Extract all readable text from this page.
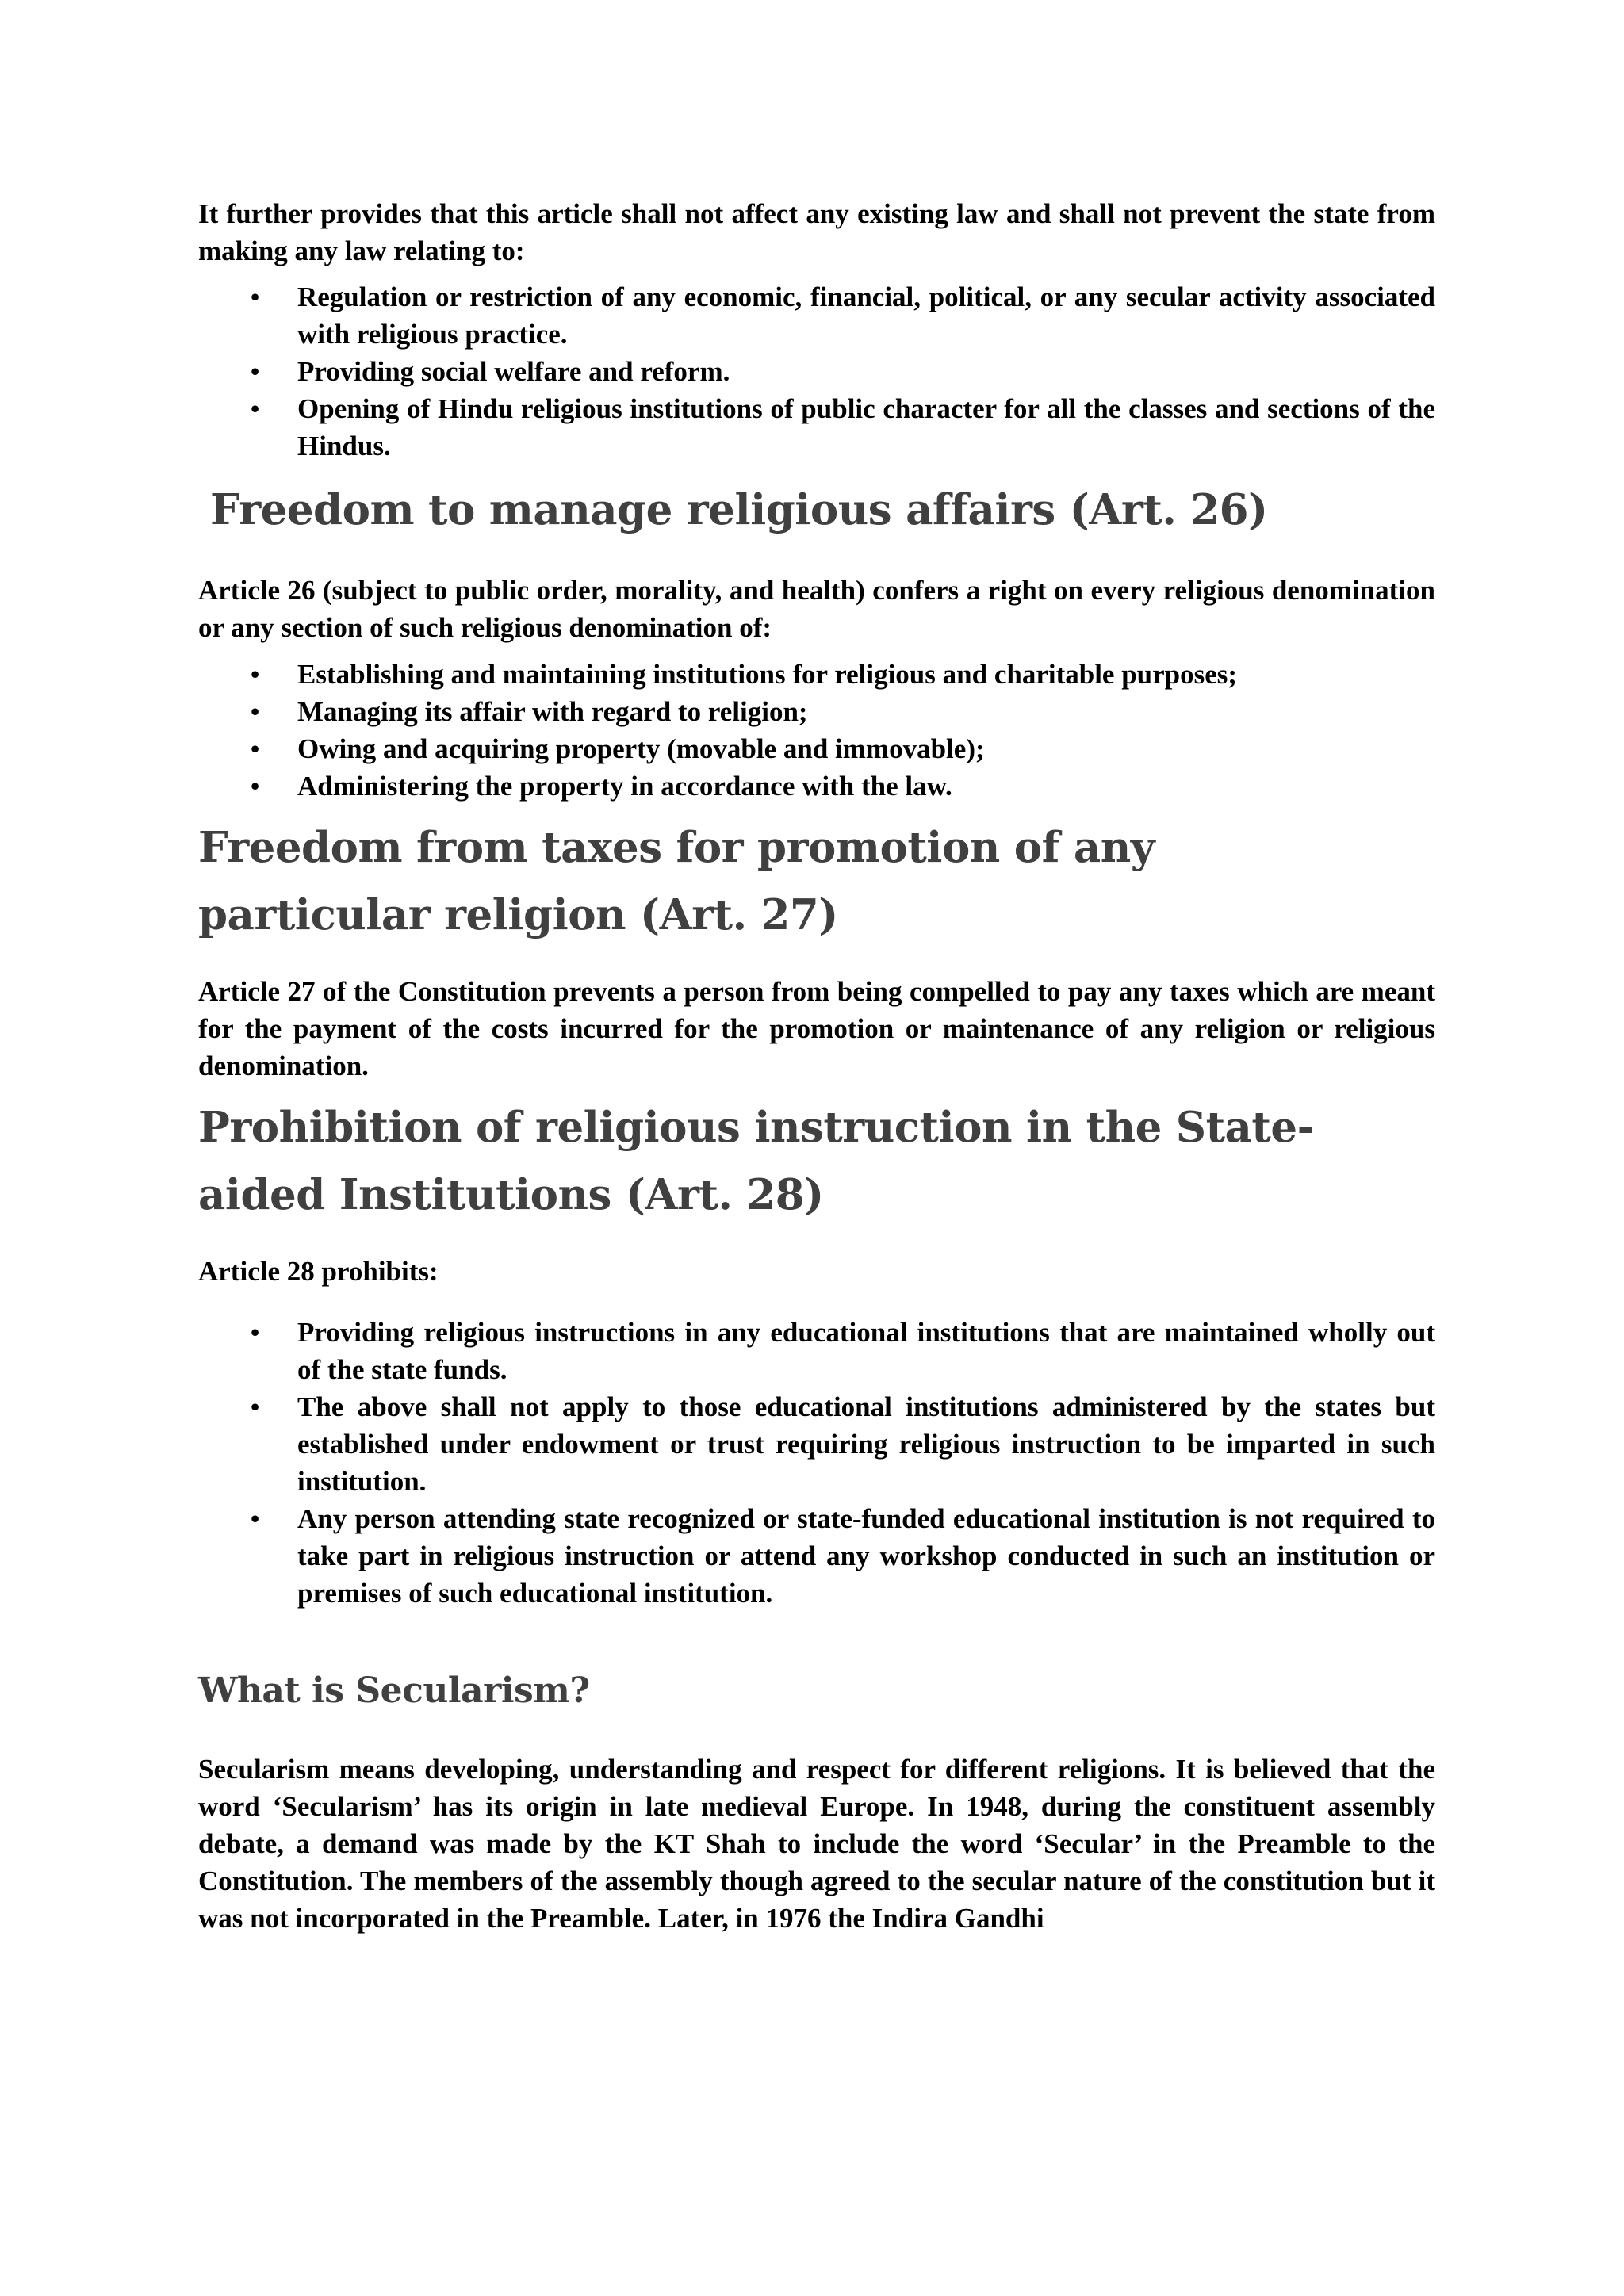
It further provides that this article shall not affect any existing law and shall not prevent the state from making any law relating to:

• Regulation or restriction of any economic, financial, political, or any secular activity associated with religious practice.
• Providing social welfare and reform.
• Opening of Hindu religious institutions of public character for all the classes and sections of the Hindus.
Freedom to manage religious affairs (Art. 26)

Article 26 (subject to public order, morality, and health) confers a right on every religious denomination or any section of such religious denomination of:

• Establishing and maintaining institutions for religious and charitable purposes;
• Managing its affair with regard to religion;
• Owing and acquiring property (movable and immovable);
• Administering the property in accordance with the law.
Freedom from taxes for promotion of any particular religion (Art. 27)

Article 27 of the Constitution prevents a person from being compelled to pay any taxes which are meant for the payment of the costs incurred for the promotion or maintenance of any religion or religious denomination.

Prohibition of religious instruction in the State-aided Institutions (Art. 28)

Article 28 prohibits:

• Providing religious instructions in any educational institutions that are maintained wholly out of the state funds.
• The above shall not apply to those educational institutions administered by the states but established under endowment or trust requiring religious instruction to be imparted in such institution.
• Any person attending state recognized or state-funded educational institution is not required to take part in religious instruction or attend any workshop conducted in such an institution or premises of such educational institution.
What is Secularism?

Secularism means developing, understanding and respect for different religions. It is believed that the word ‘Secularism’ has its origin in late medieval Europe. In 1948, during the constituent assembly debate, a demand was made by the KT Shah to include the word ‘Secular’ in the Preamble to the Constitution. The members of the assembly though agreed to the secular nature of the constitution but it was not incorporated in the Preamble. Later, in 1976 the Indira Gandhi
